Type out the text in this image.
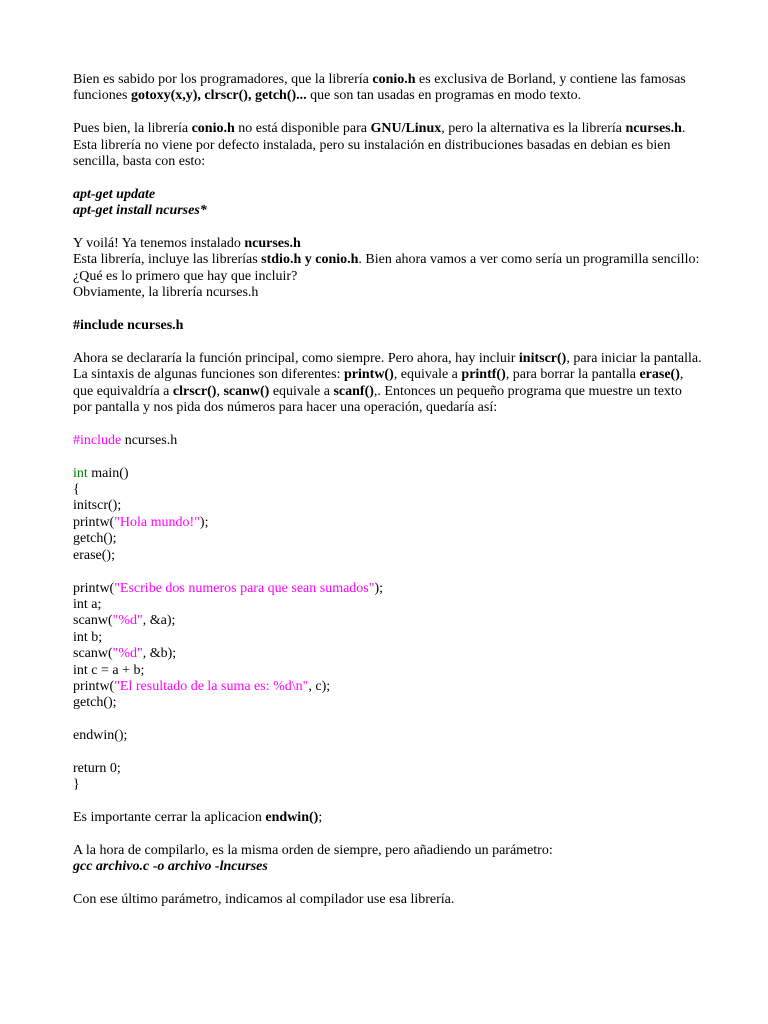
Bien es sabido por los programadores, que la librería conio.h es exclusiva de Borland, y contiene las famosas funciones gotoxy(x,y), clrscr(), getch()... que son tan usadas en programas en modo texto.

Pues bien, la librería conio.h no está disponible para GNU/Linux, pero la alternativa es la librería ncurses.h. Esta librería no viene por defecto instalada, pero su instalación en distribuciones basadas en debian es bien sencilla, basta con esto:

apt-get update
apt-get install ncurses*

Y voilá! Ya tenemos instalado ncurses.h
Esta librería, incluye las librerías stdio.h y conio.h. Bien ahora vamos a ver como sería un programilla sencillo:
¿Qué es lo primero que hay que incluir?
Obviamente, la librería ncurses.h

#include ncurses.h

Ahora se declararía la función principal, como siempre. Pero ahora, hay incluir initscr(), para iniciar la pantalla. La sintaxis de algunas funciones son diferentes: printw(), equivale a printf(), para borrar la pantalla erase(), que equivaldría a clrscr(), scanw() equivale a scanf(),. Entonces un pequeño programa que muestre un texto por pantalla y nos pida dos números para hacer una operación, quedaría así:

#include ncurses.h

int main()
{
initscr();
printw("Hola mundo!");
getch();
erase();

printw("Escribe dos numeros para que sean sumados");
int a;
scanw("%d", &a);
int b;
scanw("%d", &b);
int c = a + b;
printw("El resultado de la suma es: %d\n", c);
getch();

endwin();

return 0;
}

Es importante cerrar la aplicacion endwin();

A la hora de compilarlo, es la misma orden de siempre, pero añadiendo un parámetro:
gcc archivo.c -o archivo -lncurses

Con ese último parámetro, indicamos al compilador use esa librería.
